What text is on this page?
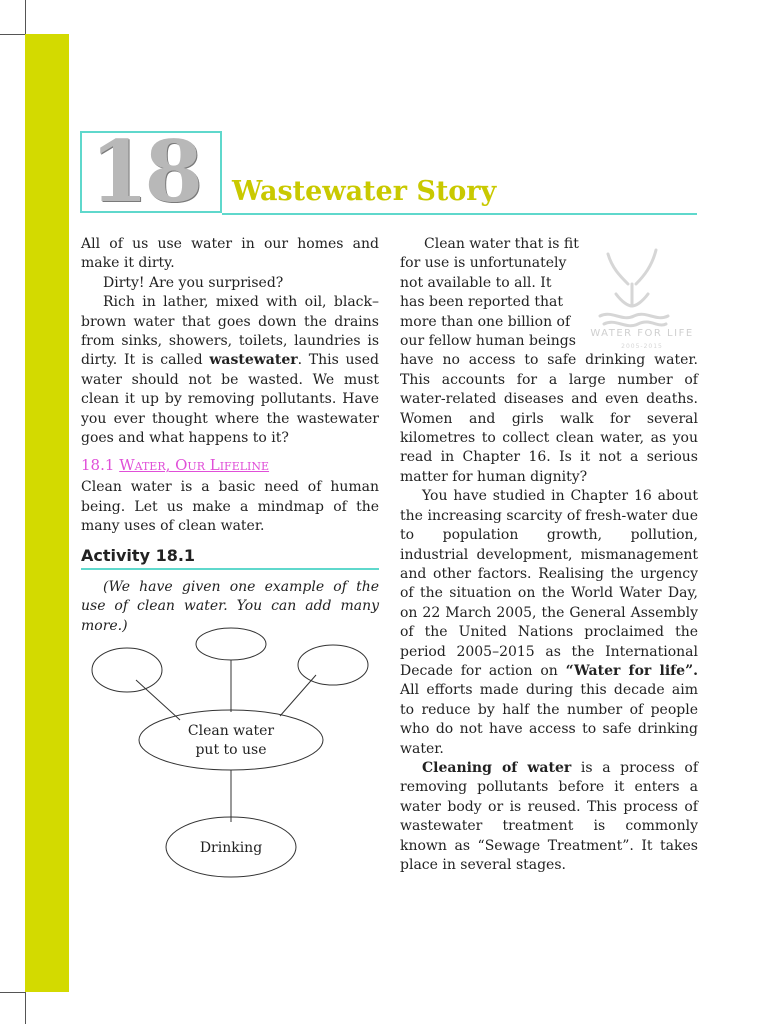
18	Wastewater Story

All of us use water in our homes and make it dirty.

Dirty! Are you surprised?

Rich in lather, mixed with oil, black–brown water that goes down the drains from sinks, showers, toilets, laundries is dirty. It is called wastewater. This used water should not be wasted. We must clean it up by removing pollutants. Have you ever thought where the wastewater goes and what happens to it?

18.1 Water, Our Lifeline

Clean water is a basic need of human being. Let us make a mindmap of the many uses of clean water.

Activity 18.1

(We have given one example of the use of clean water. You can add many more.)

Clean water
put to use
Drinking
WATER FOR LIFE
2005-2015

Clean water that is fit

for use is unfortunately

not available to all. It

has been reported that

more than one billion of

our fellow human beings

have no access to safe drinking water. This accounts for a large number of water-related diseases and even deaths. Women and girls walk for several kilometres to collect clean water, as you read in Chapter 16. Is it not a serious matter for human dignity?

You have studied in Chapter 16 about the increasing scarcity of fresh-water due to population growth, pollution, industrial development, mismanagement and other factors. Realising the urgency of the situation on the World Water Day, on 22 March 2005, the General Assembly of the United Nations proclaimed the period 2005–2015 as the International Decade for action on “Water for life”. All efforts made during this decade aim to reduce by half the number of people who do not have access to safe drinking water.

Cleaning of water is a process of removing pollutants before it enters a water body or is reused. This process of wastewater treatment is commonly known as “Sewage Treatment”. It takes place in several stages.
